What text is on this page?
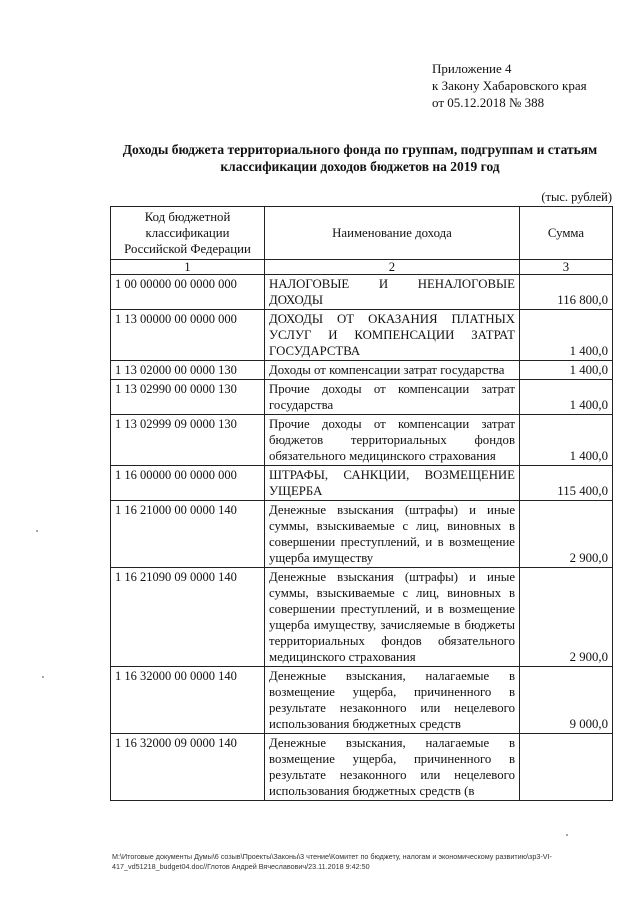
Приложение 4
к Закону Хабаровского края
от 05.12.2018 № 388
Доходы бюджета территориального фонда по группам, подгруппам и статьям
классификации доходов бюджетов на 2019 год
(тыс. рублей)
Код бюджетной классификации Российской Федерации	Наименование дохода	Сумма
1	2	3
1 00 00000 00 0000 000	НАЛОГОВЫЕ И НЕНАЛОГОВЫЕ ДОХОДЫ	116 800,0
1 13 00000 00 0000 000	ДОХОДЫ ОТ ОКАЗАНИЯ ПЛАТНЫХ УСЛУГ И КОМПЕНСАЦИИ ЗАТРАТ ГОСУДАРСТВА	1 400,0
1 13 02000 00 0000 130	Доходы от компенсации затрат государства	1 400,0
1 13 02990 00 0000 130	Прочие доходы от компенсации затрат государства	1 400,0
1 13 02999 09 0000 130	Прочие доходы от компенсации затрат бюджетов территориальных фондов обязательного медицинского страхования	1 400,0
1 16 00000 00 0000 000	ШТРАФЫ, САНКЦИИ, ВОЗМЕЩЕНИЕ УЩЕРБА	115 400,0
1 16 21000 00 0000 140	Денежные взыскания (штрафы) и иные суммы, взыскиваемые с лиц, виновных в совершении преступлений, и в возмещение ущерба имуществу	2 900,0
1 16 21090 09 0000 140	Денежные взыскания (штрафы) и иные суммы, взыскиваемые с лиц, виновных в совершении преступлений, и в возмещение ущерба имуществу, зачисляемые в бюджеты территориальных фондов обязательного медицинского страхования	2 900,0
1 16 32000 00 0000 140	Денежные взыскания, налагаемые в возмещение ущерба, причиненного в результате незаконного или нецелевого использования бюджетных средств	9 000,0
1 16 32000 09 0000 140	Денежные взыскания, налагаемые в возмещение ущерба, причиненного в результате незаконного или нецелевого использования бюджетных средств (в	
M:\Итоговые документы Думы\6 созыв\Проекты\Законы\3 чтение\Комитет по бюджету, налогам и экономическому развитию\зр3-VI-
417_vd51218_budget04.doc//Глотов Андрей Вячеславович/23.11.2018 9:42:50
